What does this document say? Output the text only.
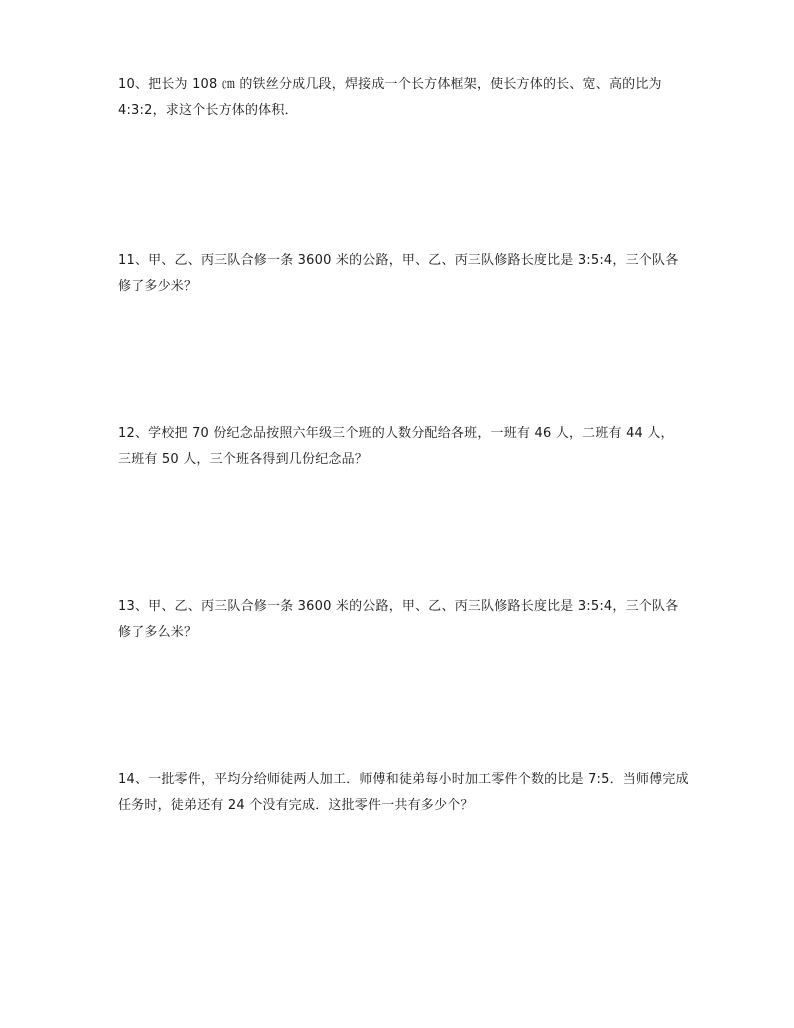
10、把长为 108 ㎝ 的铁丝分成几段，焊接成一个长方体框架，使长方体的长、宽、高的比为
4:3:2，求这个长方体的体积．
11、甲、乙、丙三队合修一条 3600 米的公路，甲、乙、丙三队修路长度比是 3:5:4，三个队各
修了多少米？
12、学校把 70 份纪念品按照六年级三个班的人数分配给各班，一班有 46 人，二班有 44 人，
三班有 50 人，三个班各得到几份纪念品？
13、甲、乙、丙三队合修一条 3600 米的公路，甲、乙、丙三队修路长度比是 3:5:4，三个队各
修了多么米？
14、一批零件，平均分给师徒两人加工．师傅和徒弟每小时加工零件个数的比是 7:5．当师傅完成
任务时，徒弟还有 24 个没有完成．这批零件一共有多少个？
